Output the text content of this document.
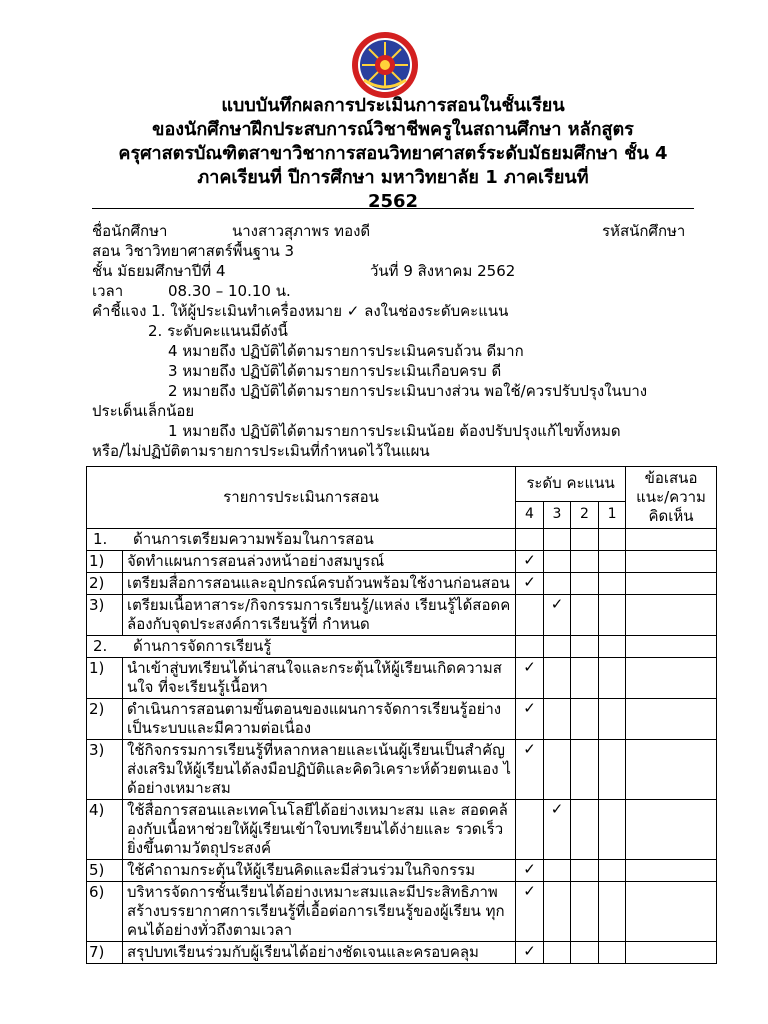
แบบบันทึกผลการประเมินการสอนในชั้นเรียน
ของนักศึกษาฝึกประสบการณ์วิชาชีพครูในสถานศึกษา หลักสูตร
ครุศาสตรบัณฑิตสาขาวิชาการสอนวิทยาศาสตร์ระดับมัธยมศึกษา ชั้น 4
ภาคเรียนที่ ปีการศึกษา มหาวิทยาลัย 1 ภาคเรียนที่
2562
ชื่อนักศึกษา	นางสาวสุภาพร ทองดี	รหัสนักศึกษา
สอน วิชาวิทยาศาสตร์พื้นฐาน 3
ชั้น มัธยมศึกษาปีที่ 4	วันที่ 9 สิงหาคม 2562
เวลา	08.30 – 10.10 น.
คำชี้แจง 1. ให้ผู้ประเมินทำเครื่องหมาย ✓ ลงในช่องระดับคะแนน
2. ระดับคะแนนมีดังนี้
4 หมายถึง ปฏิบัติได้ตามรายการประเมินครบถ้วน ดีมาก
3 หมายถึง ปฏิบัติได้ตามรายการประเมินเกือบครบ ดี
2 หมายถึง ปฏิบัติได้ตามรายการประเมินบางส่วน พอใช้/ควรปรับปรุงในบาง
ประเด็นเล็กน้อย
1 หมายถึง ปฏิบัติได้ตามรายการประเมินน้อย ต้องปรับปรุงแก้ไขทั้งหมด
หรือ/ไม่ปฏิบัติตามรายการประเมินที่กำหนดไว้ในแผน
รายการประเมินการสอน		ระดับ คะแนน				ข้อเสนอ แนะ/ความ คิดเห็น
		4	3	2	1	
1. ด้านการเตรียมความพร้อมในการสอน						
1)	จัดทำแผนการสอนล่วงหน้าอย่างสมบูรณ์	✓				
2)	เตรียมสื่อการสอนและอุปกรณ์ครบถ้วนพร้อมใช้งานก่อนสอน	✓				
3)	เตรียมเนื้อหาสาระ/กิจกรรมการเรียนรู้/แหล่ง เรียนรู้ได้สอดคล้องกับจุดประสงค์การเรียนรู้ที่ กำหนด		✓			
2. ด้านการจัดการเรียนรู้						
1)	นำเข้าสู่บทเรียนได้น่าสนใจและกระตุ้นให้ผู้เรียนเกิดความสนใจ ที่จะเรียนรู้เนื้อหา	✓				
2)	ดำเนินการสอนตามขั้นตอนของแผนการจัดการเรียนรู้อย่าง เป็นระบบและมีความต่อเนื่อง	✓				
3)	ใช้กิจกรรมการเรียนรู้ที่หลากหลายและเน้นผู้เรียนเป็นสำคัญ ส่งเสริมให้ผู้เรียนได้ลงมือปฏิบัติและคิดวิเคราะห์ด้วยตนเอง ได้อย่างเหมาะสม	✓				
4)	ใช้สื่อการสอนและเทคโนโลยีได้อย่างเหมาะสม และ สอดคล้องกับเนื้อหาช่วยให้ผู้เรียนเข้าใจบทเรียนได้ง่ายและ รวดเร็วยิ่งขึ้นตามวัตถุประสงค์		✓			
5)	ใช้คำถามกระตุ้นให้ผู้เรียนคิดและมีส่วนร่วมในกิจกรรม	✓				
6)	บริหารจัดการชั้นเรียนได้อย่างเหมาะสมและมีประสิทธิภาพ สร้างบรรยากาศการเรียนรู้ที่เอื้อต่อการเรียนรู้ของผู้เรียน ทุกคนได้อย่างทั่วถึงตามเวลา	✓				
7)	สรุปบทเรียนร่วมกับผู้เรียนได้อย่างชัดเจนและครอบคลุม	✓				
